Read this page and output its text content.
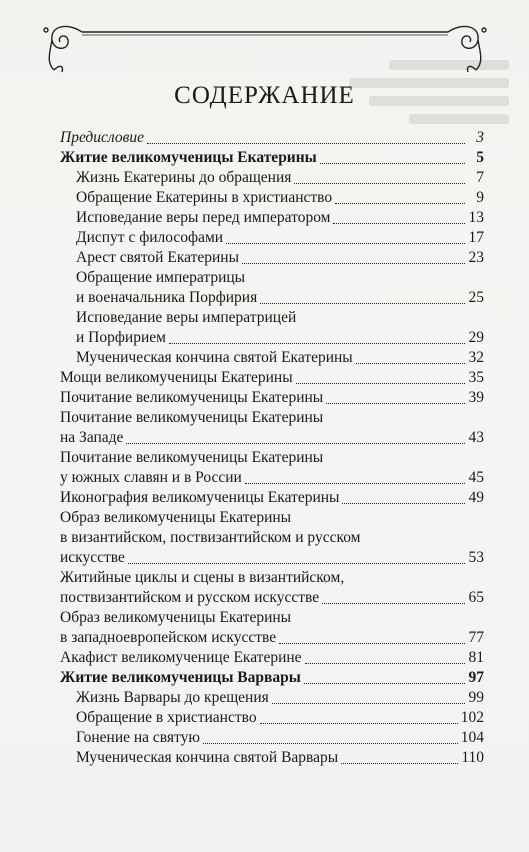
СОДЕРЖАНИЕ
Предисловие	3
Житие великомученицы Екатерины	5
Жизнь Екатерины до обращения	7
Обращение Екатерины в христианство	9
Исповедание веры перед императором	13
Диспут с философами	17
Арест святой Екатерины	23
Обращение императрицы
и военачальника Порфирия	25
Исповедание веры императрицей
и Порфирием	29
Мученическая кончина святой Екатерины	32
Мощи великомученицы Екатерины	35
Почитание великомученицы Екатерины	39
Почитание великомученицы Екатерины
на Западе	43
Почитание великомученицы Екатерины
у южных славян и в России	45
Иконография великомученицы Екатерины	49
Образ великомученицы Екатерины
в византийском, поствизантийском и русском
искусстве	53
Житийные циклы и сцены в византийском,
поствизантийском и русском искусстве	65
Образ великомученицы Екатерины
в западноевропейском искусстве	77
Акафист великомученице Екатерине	81
Житие великомученицы Варвары	97
Жизнь Варвары до крещения	99
Обращение в христианство	102
Гонение на святую	104
Мученическая кончина святой Варвары	110
